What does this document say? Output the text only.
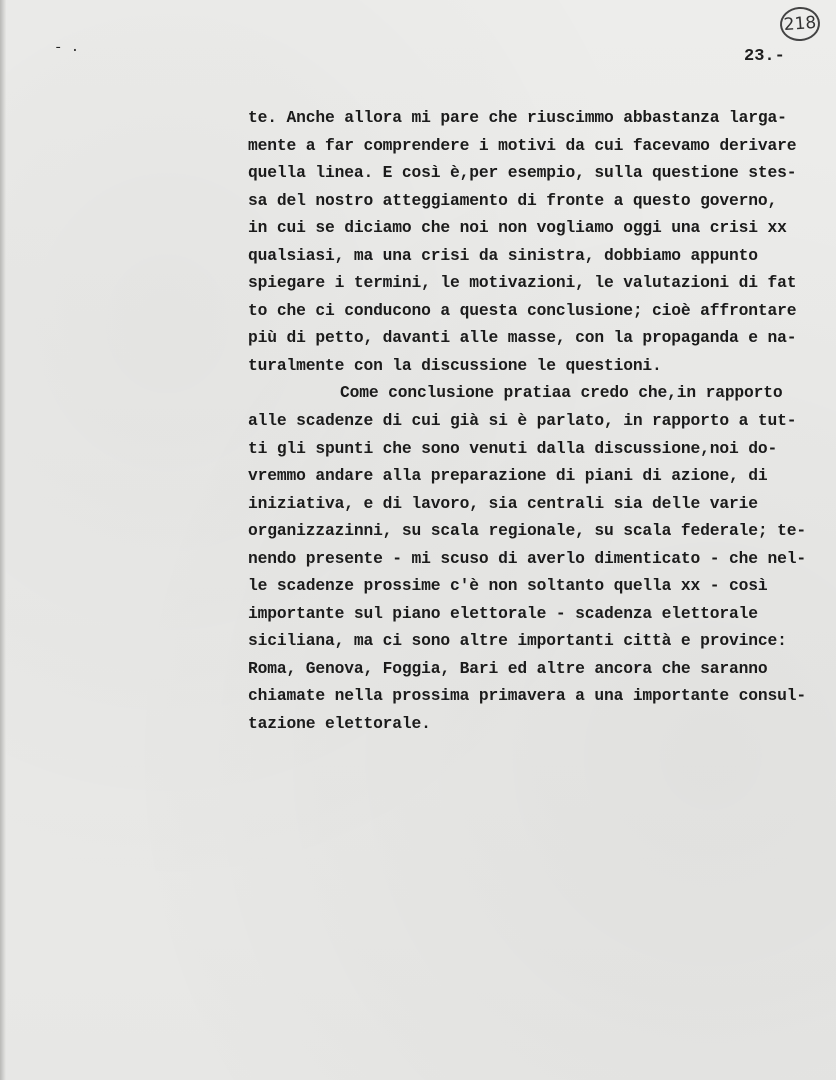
218
- .	23.-
te. Anche allora mi pare che riuscimmo abbastanza larga-
mente a far comprendere i motivi da cui facevamo derivare
quella linea. E così è,per esempio, sulla questione stes-
sa del nostro atteggiamento di fronte a questo governo,
in cui se diciamo che noi non vogliamo oggi una crisi xx
qualsiasi, ma una crisi da sinistra, dobbiamo appunto
spiegare i termini, le motivazioni, le valutazioni di fat
to che ci conducono a questa conclusione; cioè affrontare
più di petto, davanti alle masse, con la propaganda e na-
turalmente con la discussione le questioni.
Come conclusione pratiaa credo che,in rapporto
alle scadenze di cui già si è parlato, in rapporto a tut-
ti gli spunti che sono venuti dalla discussione,noi do-
vremmo andare alla preparazione di piani di azione, di
iniziativa, e di lavoro, sia centrali sia delle varie
organizzazinni, su scala regionale, su scala federale; te-
nendo presente - mi scuso di averlo dimenticato - che nel-
le scadenze prossime c'è non soltanto quella xx - così
importante sul piano elettorale - scadenza elettorale
siciliana, ma ci sono altre importanti città e province:
Roma, Genova, Foggia, Bari ed altre ancora che saranno
chiamate nella prossima primavera a una importante consul-
tazione elettorale.
